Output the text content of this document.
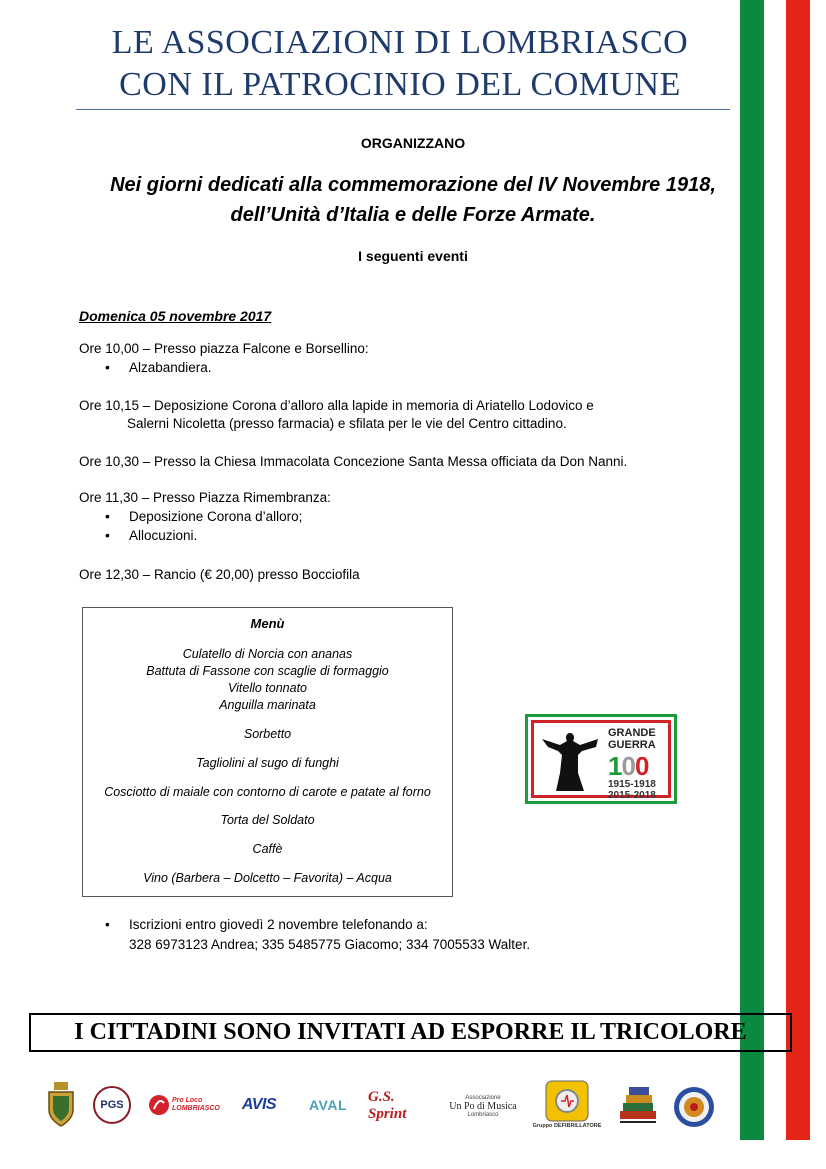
LE ASSOCIAZIONI DI LOMBRIASCO
CON IL PATROCINIO DEL COMUNE
ORGANIZZANO
Nei giorni dedicati alla commemorazione del IV Novembre 1918,
dell’Unità d’Italia e delle Forze Armate.
I seguenti eventi
Domenica 05 novembre 2017
Ore 10,00 – Presso piazza Falcone e Borsellino:
• Alzabandiera.
Ore 10,15 – Deposizione Corona d’alloro alla lapide in memoria di Ariatello Lodovico e
Salerni Nicoletta (presso farmacia) e sfilata per le vie del Centro cittadino.
Ore 10,30 – Presso la Chiesa Immacolata Concezione Santa Messa officiata da Don Nanni.
Ore 11,30 – Presso Piazza Rimembranza:
• Deposizione Corona d’alloro;
• Allocuzioni.
Ore 12,30 – Rancio (€ 20,00) presso Bocciofila
Menù
Culatello di Norcia con ananas
Battuta di Fassone con scaglie di formaggio
Vitello tonnato
Anguilla marinata
Sorbetto
Tagliolini al sugo di funghi
Cosciotto di maiale con contorno di carote e patate al forno
Torta del Soldato
Caffè
Vino (Barbera – Dolcetto – Favorita) – Acqua
GRANDE
GUERRA
100
1915-1918
2015-2018
• Iscrizioni entro giovedì 2 novembre telefonando a:
328 6973123 Andrea; 335 5485775 Giacomo; 334 7005533 Walter.
I CITTADINI SONO INVITATI AD ESPORRE IL TRICOLORE
PGS	Pro Loco LOMBRIASCO AVIS AVAL G.S. Sprint
Associazione
Un Po di Musica
Lombriasco
Gruppo DEFIBRILLATORE
